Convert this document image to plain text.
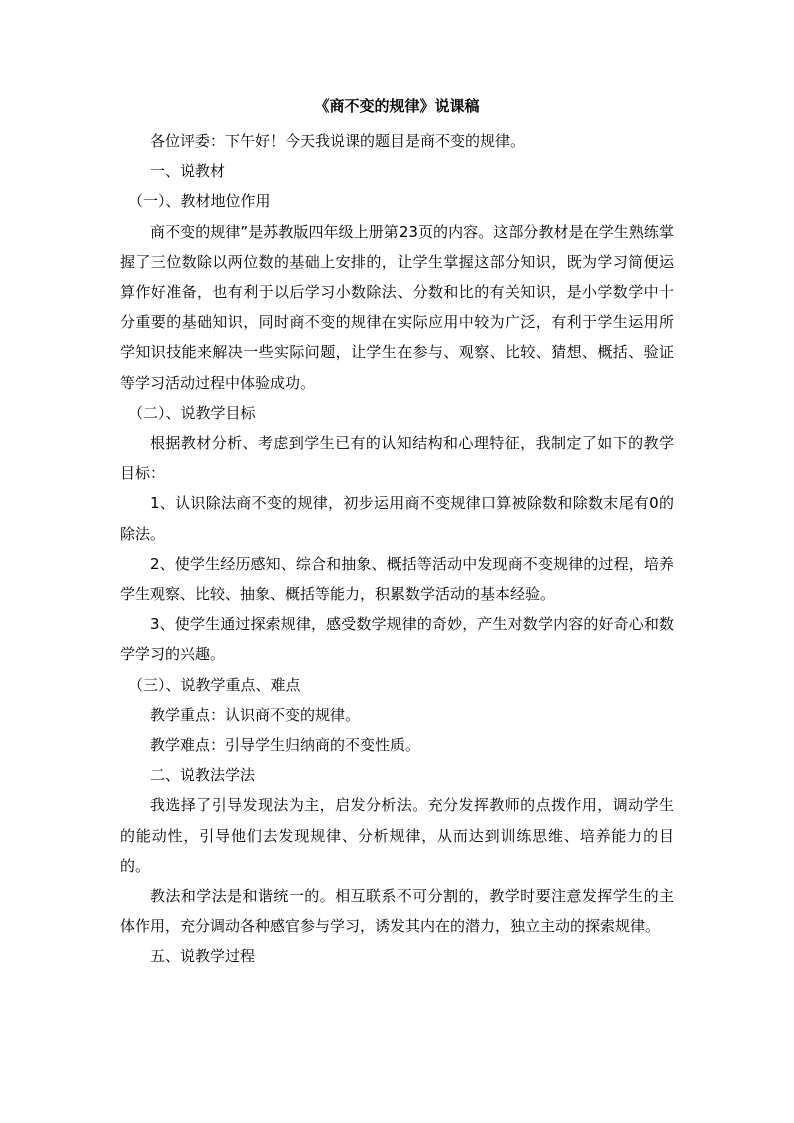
《商不变的规律》说课稿

各位评委：下午好！今天我说课的题目是商不变的规律。

一、说教材

（一）、教材地位作用

商不变的规律”是苏教版四年级上册第23页的内容。这部分教材是在学生熟练掌握了三位数除以两位数的基础上安排的，让学生掌握这部分知识，既为学习简便运算作好准备，也有利于以后学习小数除法、分数和比的有关知识，是小学数学中十分重要的基础知识，同时商不变的规律在实际应用中较为广泛，有利于学生运用所学知识技能来解决一些实际问题，让学生在参与、观察、比较、猜想、概括、验证等学习活动过程中体验成功。

（二）、说教学目标

根据教材分析、考虑到学生已有的认知结构和心理特征，我制定了如下的教学目标：

1、认识除法商不变的规律，初步运用商不变规律口算被除数和除数末尾有0的除法。

2、使学生经历感知、综合和抽象、概括等活动中发现商不变规律的过程，培养学生观察、比较、抽象、概括等能力，积累数学活动的基本经验。

3、使学生通过探索规律，感受数学规律的奇妙，产生对数学内容的好奇心和数学学习的兴趣。

（三）、说教学重点、难点

教学重点：认识商不变的规律。

教学难点：引导学生归纳商的不变性质。

二、说教法学法

我选择了引导发现法为主，启发分析法。充分发挥教师的点拨作用，调动学生的能动性，引导他们去发现规律、分析规律，从而达到训练思维、培养能力的目的。

教法和学法是和谐统一的。相互联系不可分割的，教学时要注意发挥学生的主体作用，充分调动各种感官参与学习，诱发其内在的潜力，独立主动的探索规律。

五、说教学过程
